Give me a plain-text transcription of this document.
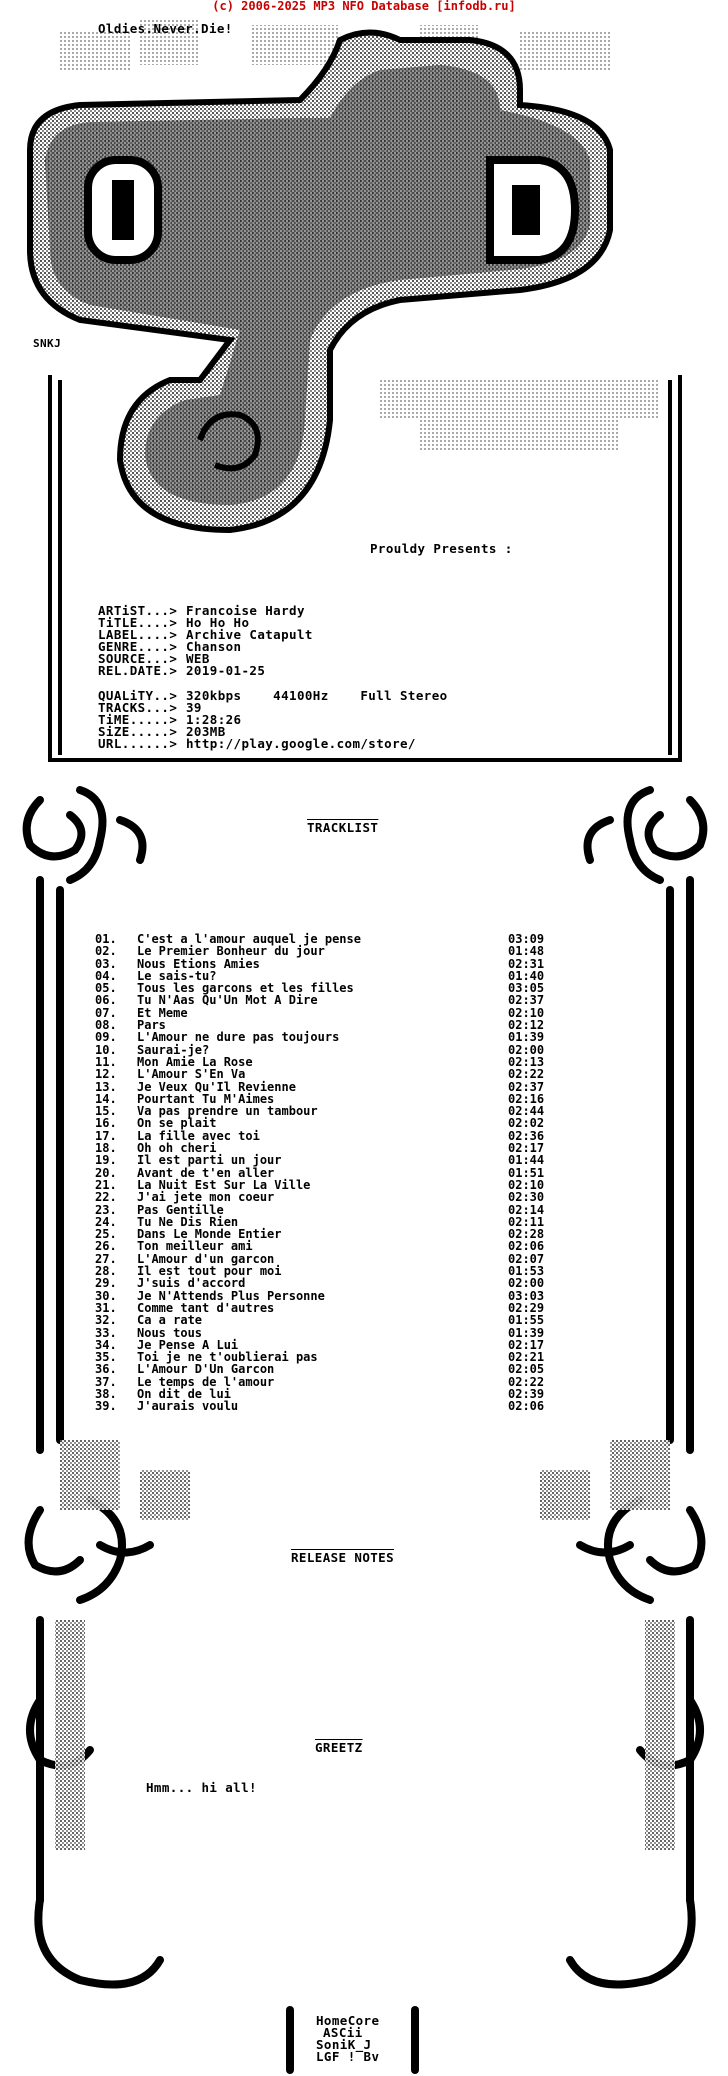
(c) 2006-2025 MP3 NFO Database [infodb.ru]
Oldies.Never.Die!
SNKJ
Prouldy Presents :
ARTiST...> Francoise Hardy
TiTLE....> Ho Ho Ho
LABEL....> Archive Catapult
GENRE....> Chanson
SOURCE...> WEB
REL.DATE.> 2019-01-25
QUALiTY..> 320kbps    44100Hz    Full Stereo
TRACKS...> 39
TiME.....> 1:28:26
SiZE.....> 203MB
URL......> http://play.google.com/store/
TRACKLIST
RELEASE NOTES
GREETZ
Hmm... hi all!
01. C'est a l'amour auquel je pense	03:09
02. Le Premier Bonheur du jour	01:48
03. Nous Etions Amies	02:31
04. Le sais-tu?	01:40
05. Tous les garcons et les filles	03:05
06. Tu N'Aas Qu'Un Mot A Dire	02:37
07. Et Meme	02:10
08. Pars	02:12
09. L'Amour ne dure pas toujours	01:39
10. Saurai-je?	02:00
11. Mon Amie La Rose	02:13
12. L'Amour S'En Va	02:22
13. Je Veux Qu'Il Revienne	02:37
14. Pourtant Tu M'Aimes	02:16
15. Va pas prendre un tambour	02:44
16. On se plait	02:02
17. La fille avec toi	02:36
18. Oh oh cheri	02:17
19. Il est parti un jour	01:44
20. Avant de t'en aller	01:51
21. La Nuit Est Sur La Ville	02:10
22. J'ai jete mon coeur	02:30
23. Pas Gentille	02:14
24. Tu Ne Dis Rien	02:11
25. Dans Le Monde Entier	02:28
26. Ton meilleur ami	02:06
27. L'Amour d'un garcon	02:07
28. Il est tout pour moi	01:53
29. J'suis d'accord	02:00
30. Je N'Attends Plus Personne	03:03
31. Comme tant d'autres	02:29
32. Ca a rate	01:55
33. Nous tous	01:39
34. Je Pense A Lui	02:17
35. Toi je ne t'oublierai pas	02:21
36. L'Amour D'Un Garcon	02:05
37. Le temps de l'amour	02:22
38. On dit de lui	02:39
39. J'aurais voulu	02:06
HomeCore
ASCii
SoniK_J
LGF ! Bv
